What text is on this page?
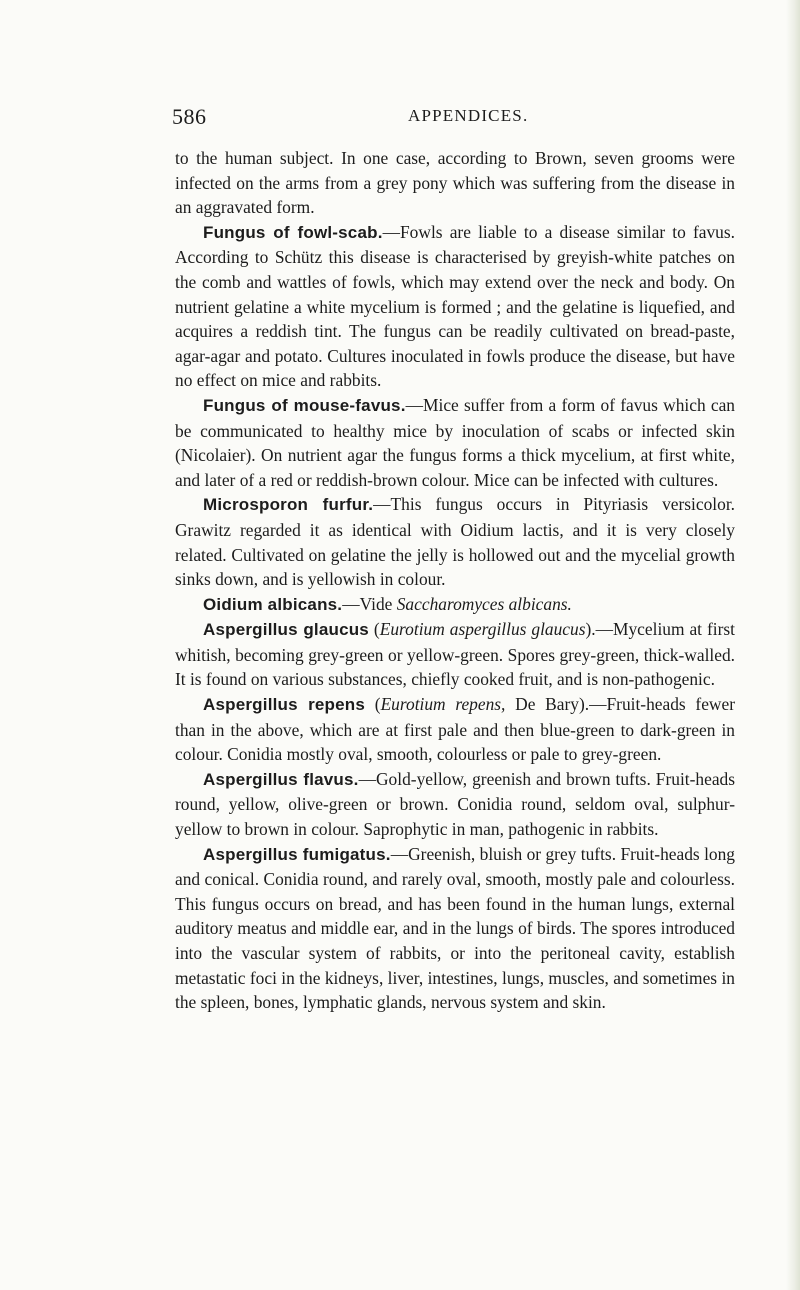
586	APPENDICES.

to the human subject. In one case, according to Brown, seven grooms were infected on the arms from a grey pony which was suffering from the disease in an aggravated form.

Fungus of fowl-scab.—Fowls are liable to a disease similar to favus. According to Schütz this disease is characterised by greyish-white patches on the comb and wattles of fowls, which may extend over the neck and body. On nutrient gelatine a white mycelium is formed ; and the gelatine is liquefied, and acquires a reddish tint. The fungus can be readily cultivated on bread-paste, agar-agar and potato. Cultures inoculated in fowls produce the disease, but have no effect on mice and rabbits.

Fungus of mouse-favus.—Mice suffer from a form of favus which can be communicated to healthy mice by inoculation of scabs or infected skin (Nicolaier). On nutrient agar the fungus forms a thick mycelium, at first white, and later of a red or reddish-brown colour. Mice can be infected with cultures.

Microsporon furfur.—This fungus occurs in Pityriasis versicolor. Grawitz regarded it as identical with Oidium lactis, and it is very closely related. Cultivated on gelatine the jelly is hollowed out and the mycelial growth sinks down, and is yellowish in colour.

Oidium albicans.—Vide Saccharomyces albicans.

Aspergillus glaucus (Eurotium aspergillus glaucus).—Mycelium at first whitish, becoming grey-green or yellow-green. Spores grey-green, thick-walled. It is found on various substances, chiefly cooked fruit, and is non-pathogenic.

Aspergillus repens (Eurotium repens, De Bary).—Fruit-heads fewer than in the above, which are at first pale and then blue-green to dark-green in colour. Conidia mostly oval, smooth, colourless or pale to grey-green.

Aspergillus flavus.—Gold-yellow, greenish and brown tufts. Fruit-heads round, yellow, olive-green or brown. Conidia round, seldom oval, sulphur-yellow to brown in colour. Saprophytic in man, pathogenic in rabbits.

Aspergillus fumigatus.—Greenish, bluish or grey tufts. Fruit-heads long and conical. Conidia round, and rarely oval, smooth, mostly pale and colourless. This fungus occurs on bread, and has been found in the human lungs, external auditory meatus and middle ear, and in the lungs of birds. The spores introduced into the vascular system of rabbits, or into the peritoneal cavity, establish metastatic foci in the kidneys, liver, intestines, lungs, muscles, and sometimes in the spleen, bones, lymphatic glands, nervous system and skin.
